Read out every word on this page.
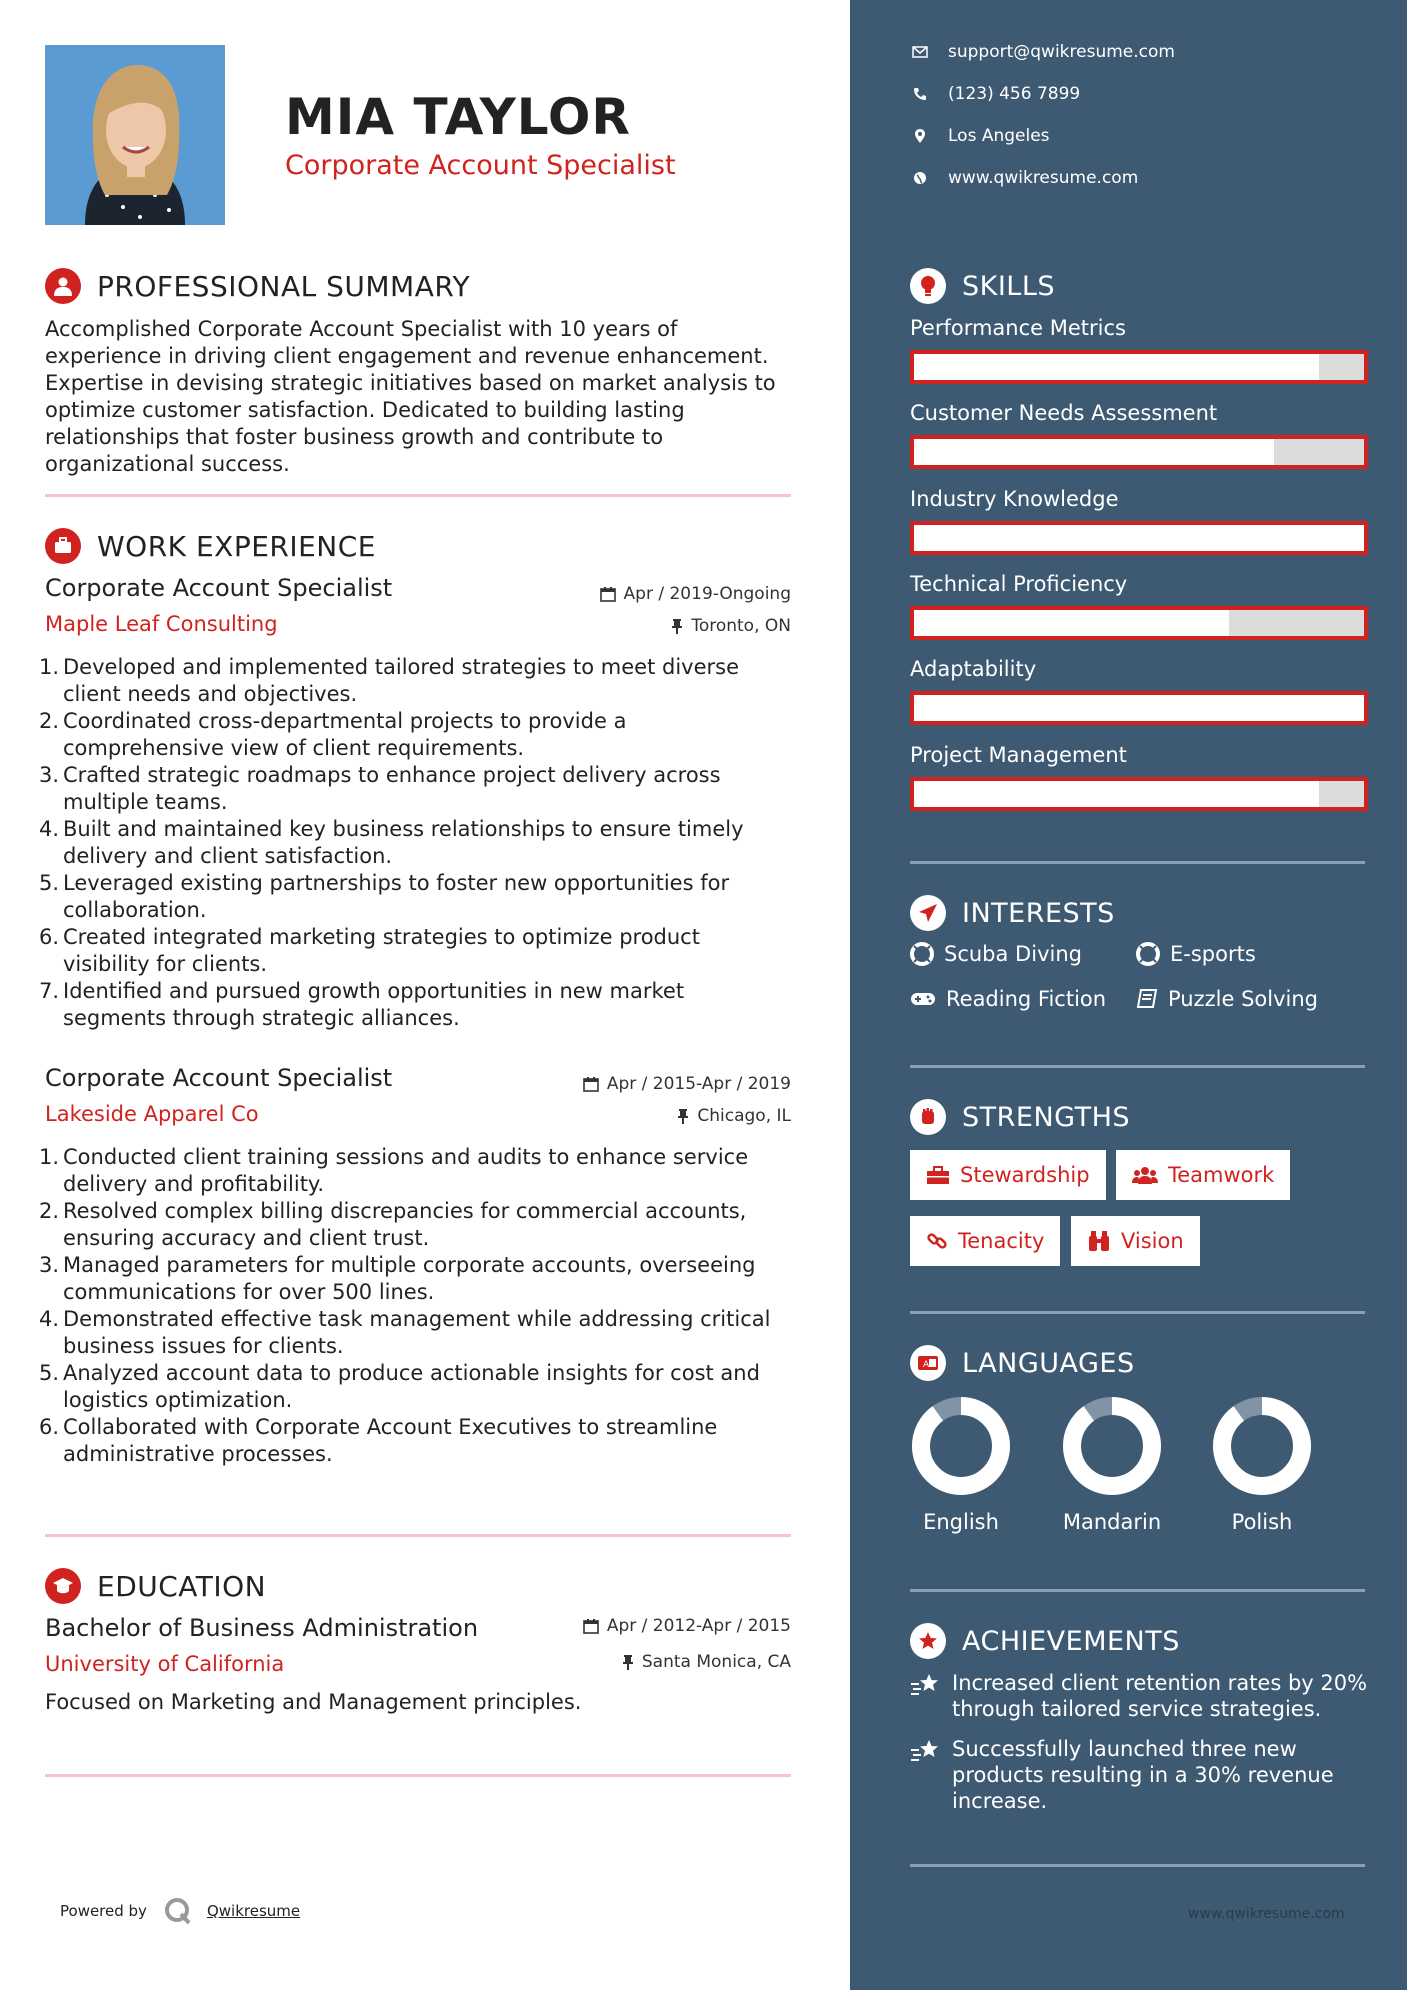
MIA TAYLOR
Corporate Account Specialist
PROFESSIONAL SUMMARY
Accomplished Corporate Account Specialist with 10 years of experience in driving client engagement and revenue enhancement. Expertise in devising strategic initiatives based on market analysis to optimize customer satisfaction. Dedicated to building lasting relationships that foster business growth and contribute to organizational success.
WORK EXPERIENCE
Corporate Account Specialist	Apr / 2019-Ongoing
Maple Leaf Consulting	Toronto, ON
1. Developed and implemented tailored strategies to meet diverse client needs and objectives.
2. Coordinated cross-departmental projects to provide a comprehensive view of client requirements.
3. Crafted strategic roadmaps to enhance project delivery across multiple teams.
4. Built and maintained key business relationships to ensure timely delivery and client satisfaction.
5. Leveraged existing partnerships to foster new opportunities for collaboration.
6. Created integrated marketing strategies to optimize product visibility for clients.
7. Identified and pursued growth opportunities in new market segments through strategic alliances.
Corporate Account Specialist	Apr / 2015-Apr / 2019
Lakeside Apparel Co	Chicago, IL
1. Conducted client training sessions and audits to enhance service delivery and profitability.
2. Resolved complex billing discrepancies for commercial accounts, ensuring accuracy and client trust.
3. Managed parameters for multiple corporate accounts, overseeing communications for over 500 lines.
4. Demonstrated effective task management while addressing critical business issues for clients.
5. Analyzed account data to produce actionable insights for cost and logistics optimization.
6. Collaborated with Corporate Account Executives to streamline administrative processes.
EDUCATION
Bachelor of Business Administration	Apr / 2012-Apr / 2015
University of California	Santa Monica, CA
Focused on Marketing and Management principles.
Powered by	Qwikresume
support@qwikresume.com
(123) 456 7899
Los Angeles
www.qwikresume.com
SKILLS
Performance Metrics
Customer Needs Assessment
Industry Knowledge
Technical Proficiency
Adaptability
Project Management
INTERESTS
Scuba Diving	E-sports
Reading Fiction	Puzzle Solving
STRENGTHS
Stewardship	Teamwork
Tenacity	Vision
A LANGUAGES
English	Mandarin	Polish
ACHIEVEMENTS
Increased client retention rates by 20% through tailored service strategies.
Successfully launched three new products resulting in a 30% revenue increase.
www.qwikresume.com
